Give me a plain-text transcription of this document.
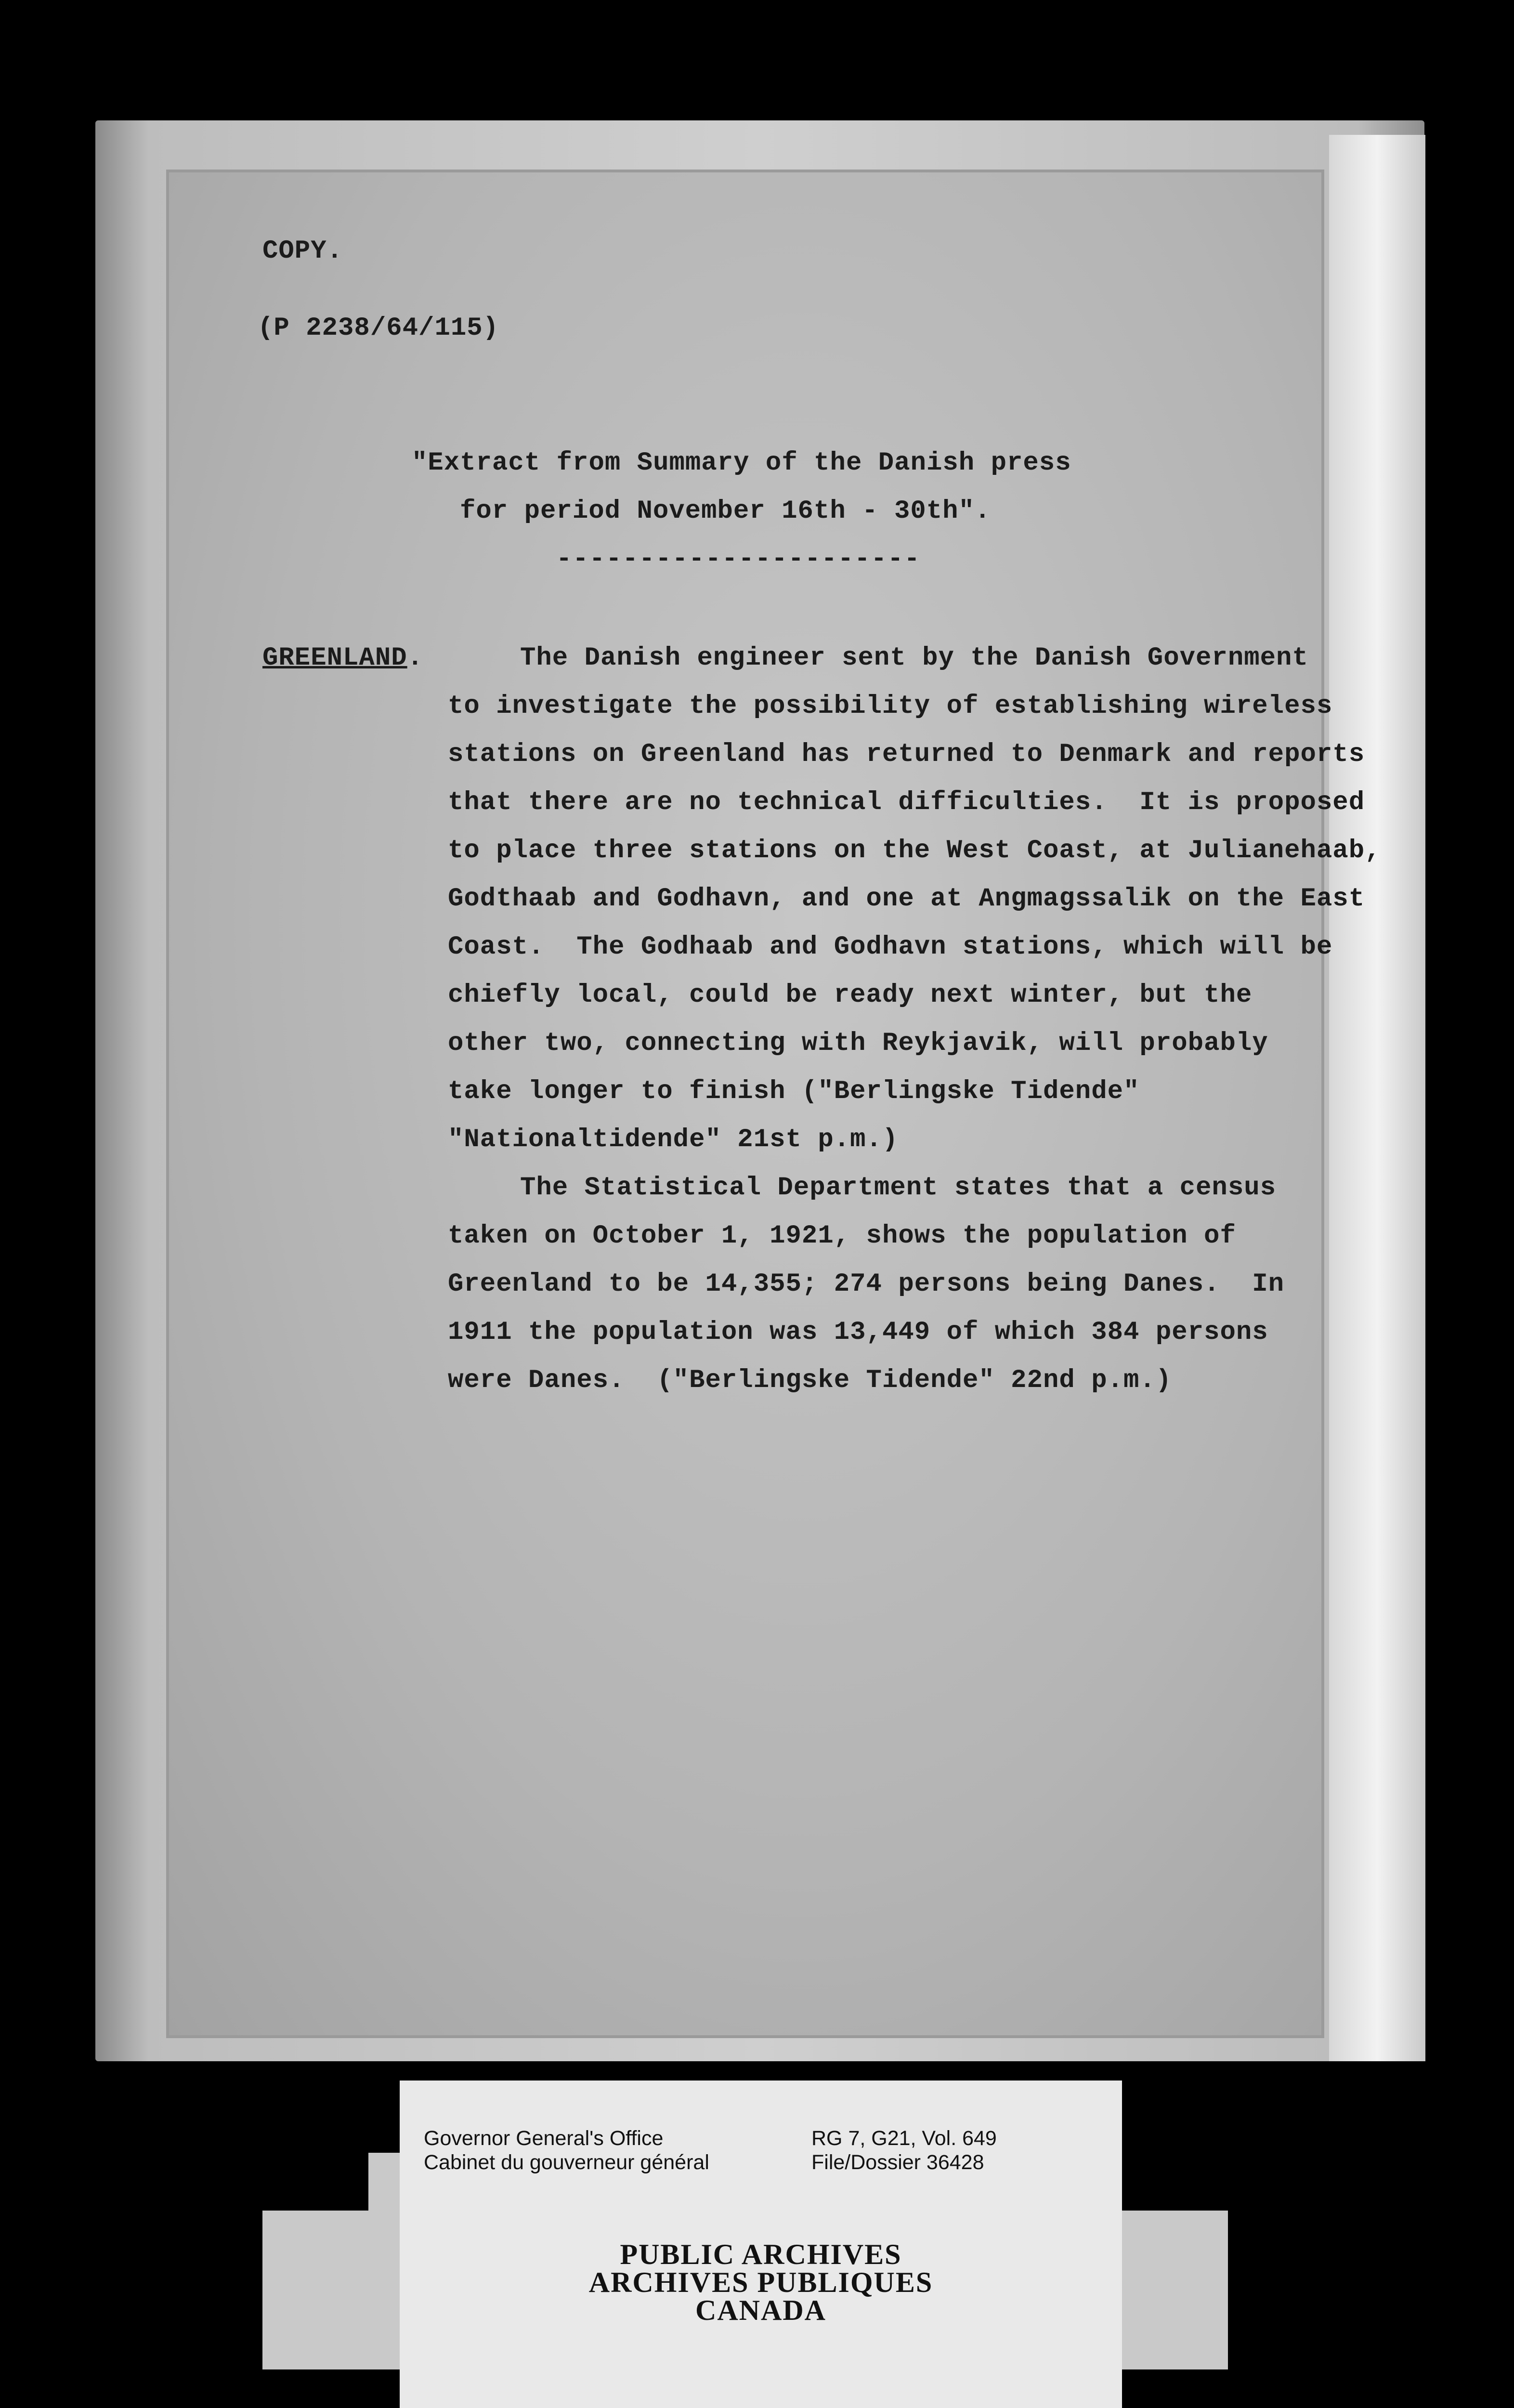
COPY.
(P 2238/64/115)
"Extract from Summary of the Danish press
for period November 16th - 30th".
----------------------
GREENLAND.	The Danish engineer sent by the Danish Government
to investigate the possibility of establishing wireless
stations on Greenland has returned to Denmark and reports
that there are no technical difficulties.  It is proposed
to place three stations on the West Coast, at Julianehaab,
Godthaab and Godhavn, and one at Angmagssalik on the East
Coast.  The Godhaab and Godhavn stations, which will be
chiefly local, could be ready next winter, but the
other two, connecting with Reykjavik, will probably
take longer to finish ("Berlingske Tidende"
"Nationaltidende" 21st p.m.)
The Statistical Department states that a census
taken on October 1, 1921, shows the population of
Greenland to be 14,355; 274 persons being Danes.  In
1911 the population was 13,449 of which 384 persons
were Danes.  ("Berlingske Tidende" 22nd p.m.)
Governor General's Office
Cabinet du gouverneur général
RG 7, G21, Vol. 649
File/Dossier 36428
PUBLIC ARCHIVES
ARCHIVES PUBLIQUES
CANADA
